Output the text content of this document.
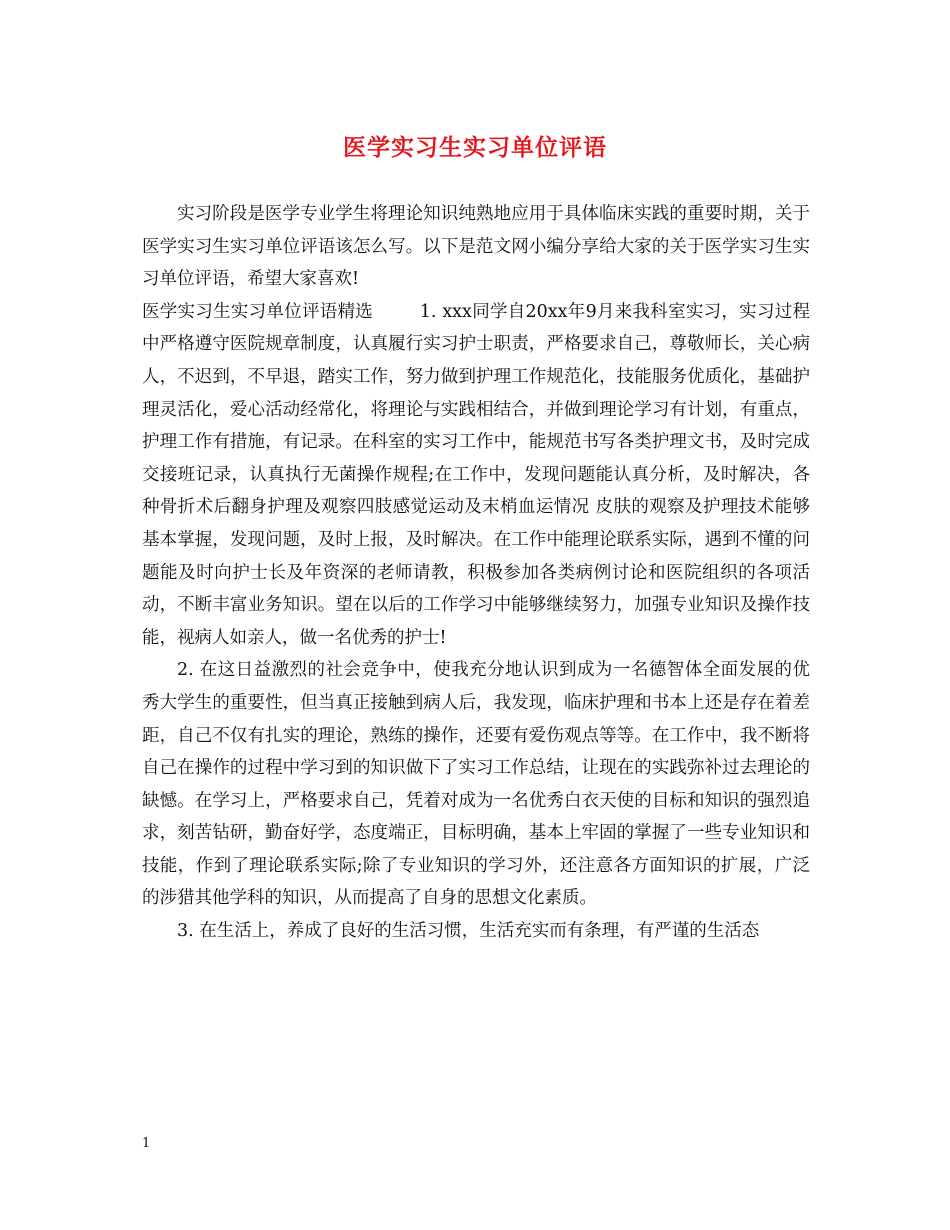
医学实习生实习单位评语

实习阶段是医学专业学生将理论知识纯熟地应用于具体临床实践的重要时期，关于医学实习生实习单位评语该怎么写。以下是范文网小编分享给大家的关于医学实习生实习单位评语，希望大家喜欢!

医学实习生实习单位评语精选	1. xxx同学自20xx年9月来我科室实习，实习过程中严格遵守医院规章制度，认真履行实习护士职责，严格要求自己，尊敬师长，关心病人，不迟到，不早退，踏实工作，努力做到护理工作规范化，技能服务优质化，基础护理灵活化，爱心活动经常化，将理论与实践相结合，并做到理论学习有计划，有重点，护理工作有措施，有记录。在科室的实习工作中，能规范书写各类护理文书，及时完成交接班记录，认真执行无菌操作规程;在工作中，发现问题能认真分析，及时解决，各种骨折术后翻身护理及观察四肢感觉运动及末梢血运情况 皮肤的观察及护理技术能够基本掌握，发现问题，及时上报，及时解决。在工作中能理论联系实际，遇到不懂的问题能及时向护士长及年资深的老师请教，积极参加各类病例讨论和医院组织的各项活动，不断丰富业务知识。望在以后的工作学习中能够继续努力，加强专业知识及操作技能，视病人如亲人，做一名优秀的护士!

2. 在这日益激烈的社会竞争中，使我充分地认识到成为一名德智体全面发展的优秀大学生的重要性，但当真正接触到病人后，我发现，临床护理和书本上还是存在着差距，自己不仅有扎实的理论，熟练的操作，还要有爱伤观点等等。在工作中，我不断将自己在操作的过程中学习到的知识做下了实习工作总结，让现在的实践弥补过去理论的缺憾。在学习上，严格要求自己，凭着对成为一名优秀白衣天使的目标和知识的强烈追求，刻苦钻研，勤奋好学，态度端正，目标明确，基本上牢固的掌握了一些专业知识和技能，作到了理论联系实际;除了专业知识的学习外，还注意各方面知识的扩展，广泛的涉猎其他学科的知识，从而提高了自身的思想文化素质。

3. 在生活上，养成了良好的生活习惯，生活充实而有条理，有严谨的生活态

1
